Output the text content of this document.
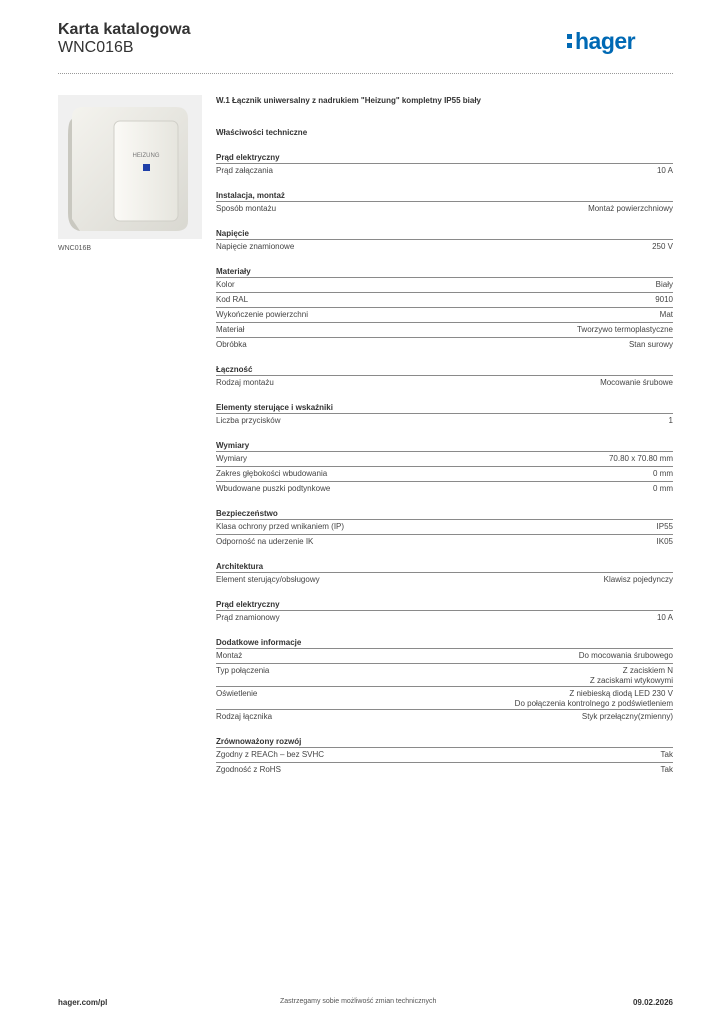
Karta katalogowa
WNC016B	hager
HEIZUNG
WNC016B
W.1 Łącznik uniwersalny z nadrukiem "Heizung" kompletny IP55 biały
Właściwości techniczne
Prąd elektryczny
Prąd załączania	10 A
Instalacja, montaż
Sposób montażu	Montaż powierzchniowy
Napięcie
Napięcie znamionowe	250 V
Materiały
Kolor	Biały
Kod RAL	9010
Wykończenie powierzchni	Mat
Materiał	Tworzywo termoplastyczne
Obróbka	Stan surowy
Łączność
Rodzaj montażu	Mocowanie śrubowe
Elementy sterujące i wskaźniki
Liczba przycisków	1
Wymiary
Wymiary	70.80 x 70.80 mm
Zakres głębokości wbudowania	0 mm
Wbudowane puszki podtynkowe	0 mm
Bezpieczeństwo
Klasa ochrony przed wnikaniem (IP)	IP55
Odporność na uderzenie IK	IK05
Architektura
Element sterujący/obsługowy	Klawisz pojedynczy
Prąd elektryczny
Prąd znamionowy	10 A
Dodatkowe informacje
Montaż	Do mocowania śrubowego
Typ połączenia	Z zaciskiem N
Z zaciskami wtykowymi
Oświetlenie	Z niebieską diodą LED 230 V
Do połączenia kontrolnego z podświetleniem
Rodzaj łącznika	Styk przełączny(zmienny)
Zrównoważony rozwój
Zgodny z REACh – bez SVHC	Tak
Zgodność z RoHS	Tak
hager.com/pl	Zastrzegamy sobie możliwość zmian technicznych	09.02.2026
